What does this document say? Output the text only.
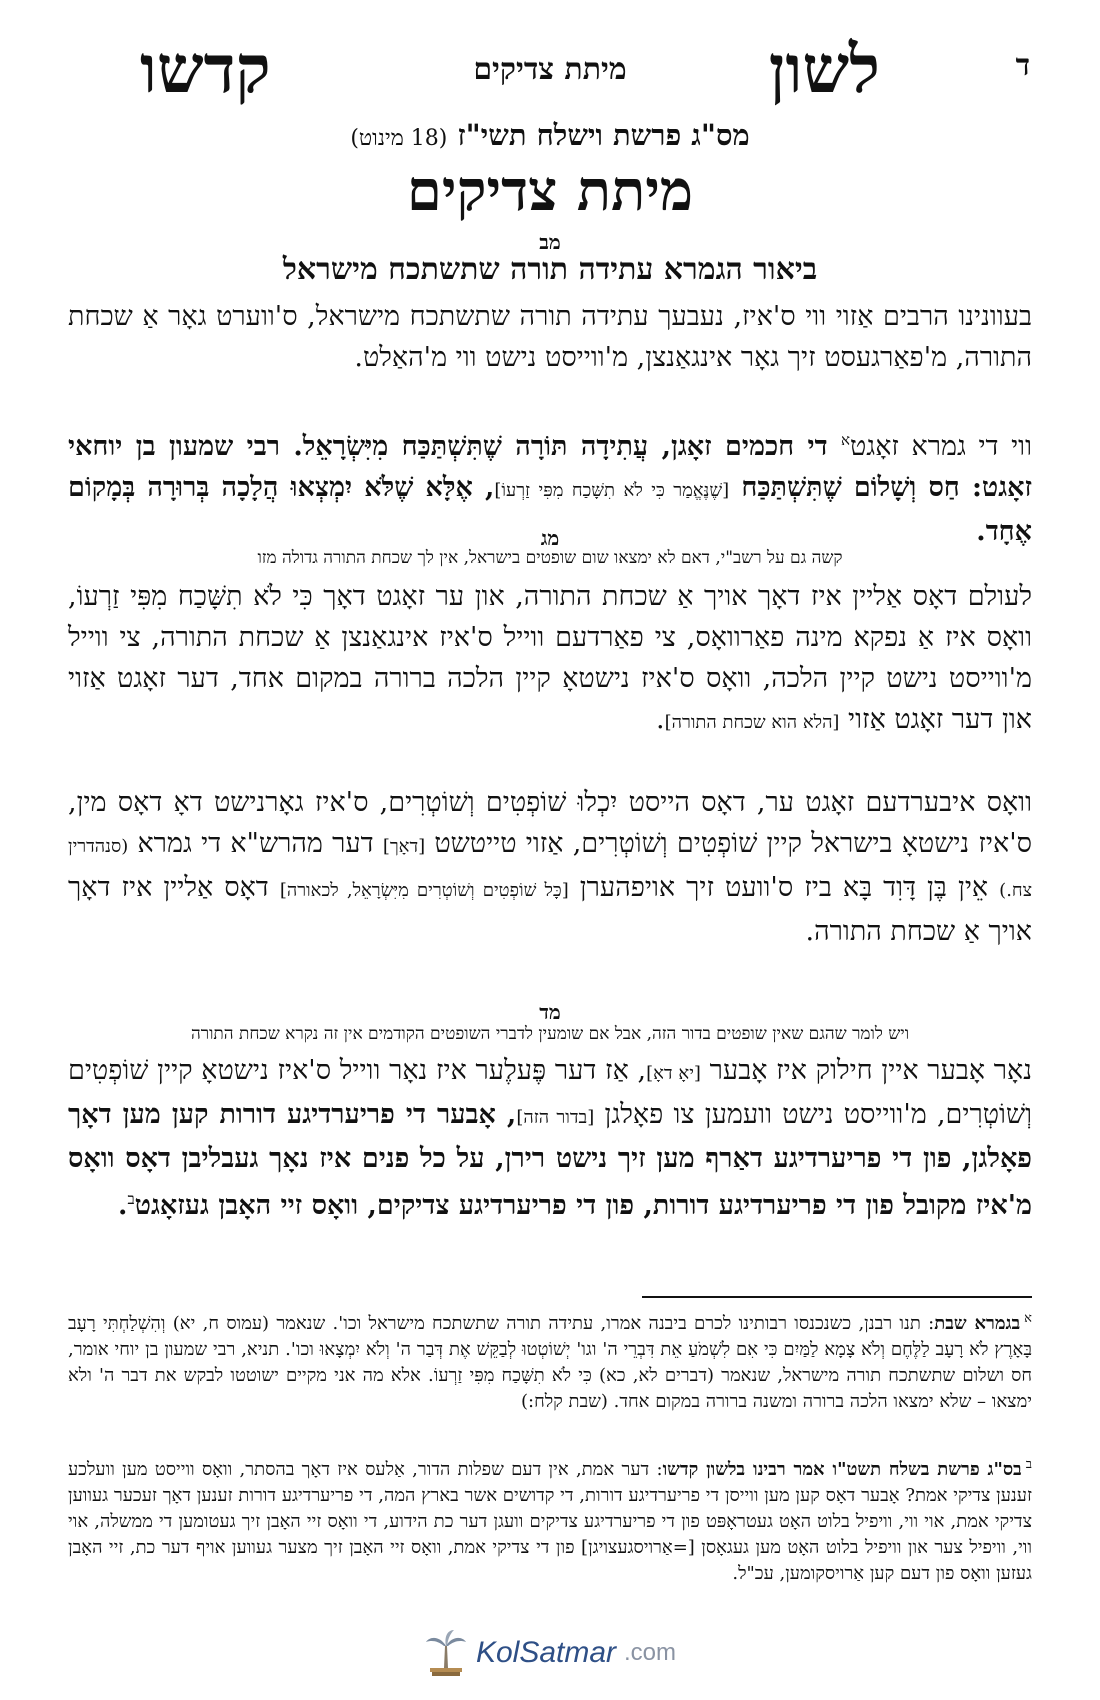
ד
לשון
מיתת צדיקים
קדשו
מס"ג פרשת וישלח תשי"ז (18 מינוט)
מיתת צדיקים
מב
ביאור הגמרא עתידה תורה שתשתכח מישראל
בעוונינו הרבים אַזוי ווי ס'איז, נעבעך עתידה תורה שתשתכח מישראל, ס'ווערט גאָר אַ שכחת התורה, מ'פאַרגעסט זיך גאָר אינגאַנצן, מ'ווייסט נישט ווי מ'האַלט.
ווי די גמרא זאָגט$^א$ די חכמים זאָגן, עֲתִידָה תּוֹרָה שֶׁתִּשְׁתַּכַּח מִיִּשְׂרָאֵל. רבי שמעון בן יוחאי זאָגט: חַס וְשָׁלוֹם שֶׁתִּשְׁתַּכַּח [שֶׁנֶּאֱמַר כִּי לֹא תִשָּׁכַח מִפִּי זַרְעוֹ], אֶלָּא שֶׁלֹּא יִמְצְאוּ הֲלָכָה בְּרוּרָה בְּמָקוֹם אֶחָד.
מג
קשה גם על רשב"י, דאם לא ימצאו שום שופטים בישראל, אין לך שכחת התורה גדולה מזו
לעולם דאָס אַליין איז דאָך אויך אַ שכחת התורה, און ער זאָגט דאָך כִּי לֹא תִשָּׁכַח מִפִּי זַרְעוֹ, וואָס איז אַ נפקא מינה פאַרוואָס, צי פאַרדעם ווייל ס'איז אינגאַנצן אַ שכחת התורה, צי ווייל מ'ווייסט נישט קיין הלכה, וואָס ס'איז נישטאָ קיין הלכה ברורה במקום אחד, דער זאָגט אַזוי און דער זאָגט אַזוי [הלא הוא שכחת התורה].
וואָס איבערדעם זאָגט ער, דאָס הייסט יִכְלוּ שׁוֹפְטִים וְשׁוֹטְרִים, ס'איז גאָרנישט דאָ דאָס מין, ס'איז נישטאָ בישראל קיין שׁוֹפְטִים וְשׁוֹטְרִים, אַזוי טייטשט [דאָך] דער מהרש"א די גמרא (סנהדרין צח.) אֵין בֶּן דָּוִד בָּא ביז ס'וועט זיך אויפהערן [כָּל שׁוֹפְטִים וְשׁוֹטְרִים מִיִּשְׂרָאֵל, לכאורה] דאָס אַליין איז דאָך אויך אַ שכחת התורה.
מד
ויש לומר שהגם שאין שופטים בדור הזה, אבל אם שומעין לדברי השופטים הקודמים אין זה נקרא שכחת התורה
נאָר אָבער איין חילוק איז אָבער [יאָ דאָ], אַז דער פֶּעלֶער איז נאָר ווייל ס'איז נישטאָ קיין שׁוֹפְטִים וְשׁוֹטְרִים, מ'ווייסט נישט וועמען צו פאָלגן [בדור הזה], אָבער די פריערדיגע דורות קען מען דאָך פאָלגן, פון די פריערדיגע דאַרף מען זיך נישט רירן, על כל פנים איז נאָך געבליבן דאָס וואָס מ'איז מקובל פון די פריערדיגע דורות, פון די פריערדיגע צדיקים, וואָס זיי האָבן געזאָגט$^ב$.
$^א$בגמרא שבת: תנו רבנן, כשנכנסו רבותינו לכרם ביבנה אמרו, עתידה תורה שתשתכח מישראל וכו'. שנאמר (עמוס ח, יא) וְהִשְׁלַחְתִּי רָעָב בָּאָרֶץ לֹא רָעָב לַלֶּחֶם וְלֹא צָמָא לַמַּיִם כִּי אִם לִשְׁמֹעַ אֵת דִּבְרֵי ה' וגו' יְשׁוֹטְטוּ לְבַקֵּשׁ אֶת דְּבַר ה' וְלֹא יִמְצָאוּ וכו'. תניא, רבי שמעון בן יוחי אומר, חס ושלום שתשתכח תורה מישראל, שנאמר (דברים לא, כא) כִּי לֹא תִשָּׁכַח מִפִּי זַרְעוֹ. אלא מה אני מקיים ישוטטו לבקש את דבר ה' ולא ימצאו – שלא ימצאו הלכה ברורה ומשנה ברורה במקום אחד. (שבת קלח:)
$^ב$בס"ג פרשת בשלח תשט"ו אמר רבינו בלשון קדשו: דער אמת, אין דעם שפלות הדור, אַלעס איז דאָך בהסתר, וואָס ווייסט מען וועלכע זענען צדיקי אמת? אָבער דאָס קען מען ווייסן די פריערדיגע דורות, די קדושים אשר בארץ המה, די פריערדיגע דורות זענען דאָך זעכער געווען צדיקי אמת, אוי ווי, וויפיל בלוט האָט געטראָפּט פון די פריערדיגע צדיקים וועגן דער כת הידוע, די וואָס זיי האָבן זיך געטומען די ממשלה, אוי ווי, וויפיל צער און וויפיל בלוט האָט מען געגאָסן [=אַרויסגעצויגן] פון די צדיקי אמת, וואָס זיי האָבן זיך מצער געווען אויף דער כת, זיי האָבן געזען וואָס פון דעם קען אַרויסקומען, עכ"ל.
KolSatmar .com
